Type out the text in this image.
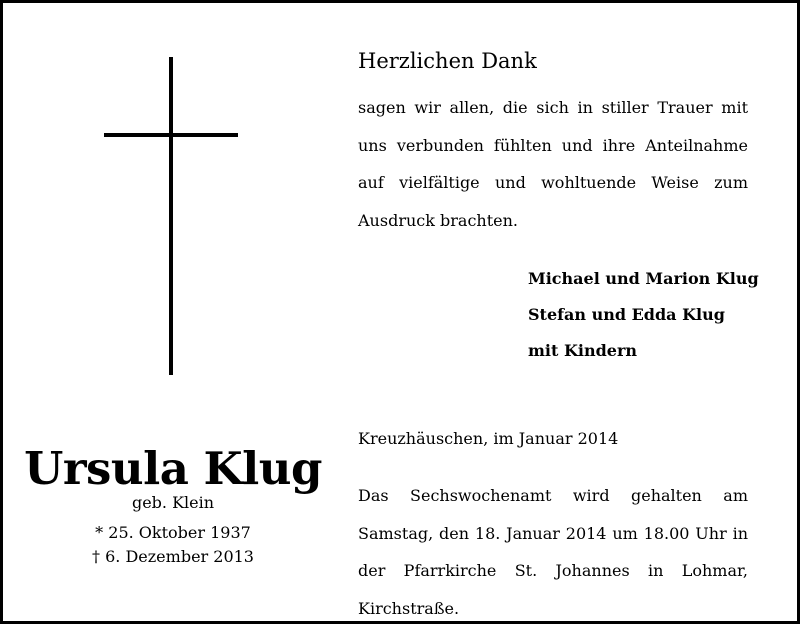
Herzlichen Dank
sagen wir allen, die sich in stiller Trauer mit uns verbunden fühlten und ihre Anteilnahme auf vielfältige und wohltuende Weise zum Ausdruck brachten.
Michael und Marion Klug
Stefan und Edda Klug
mit Kindern
Ursula Klug
geb. Klein
* 25. Oktober 1937
† 6. Dezember 2013
Kreuzhäuschen, im Januar 2014
Das Sechswochenamt wird gehalten am Samstag, den 18. Januar 2014 um 18.00 Uhr in der Pfarrkirche St. Johannes in Lohmar, Kirchstraße.
